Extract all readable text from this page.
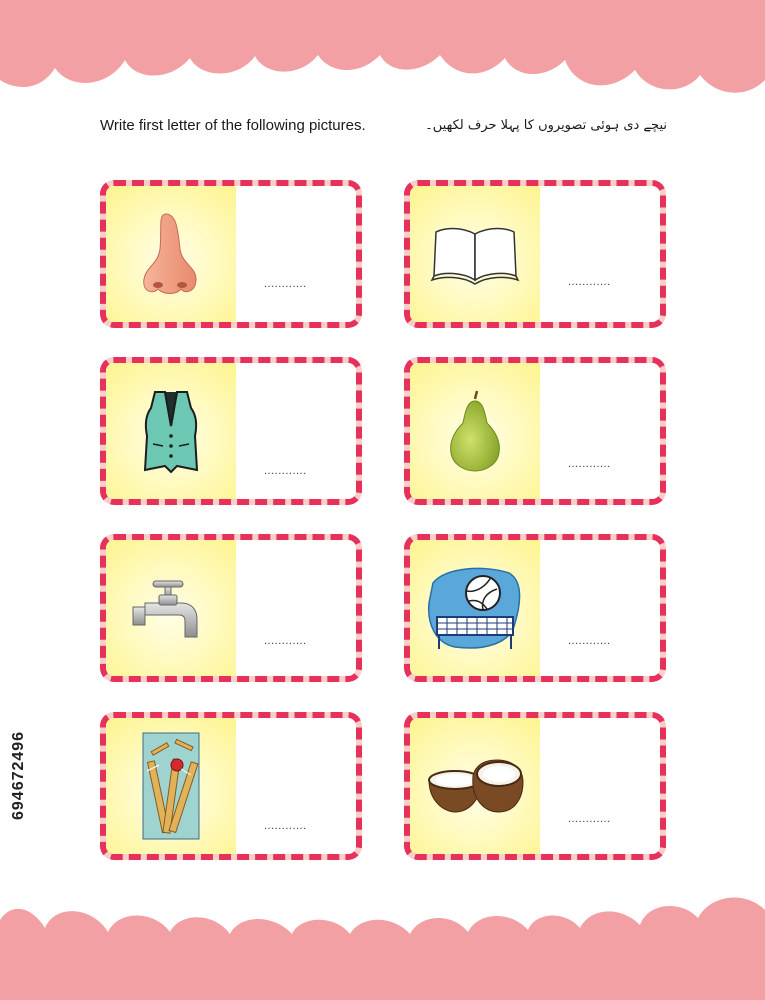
Write first letter of the following pictures.	نیچے دی ہوئی تصویروں کا پہلا حرف لکھیں۔
............	............
............
............
............	............
............
............
694672496
